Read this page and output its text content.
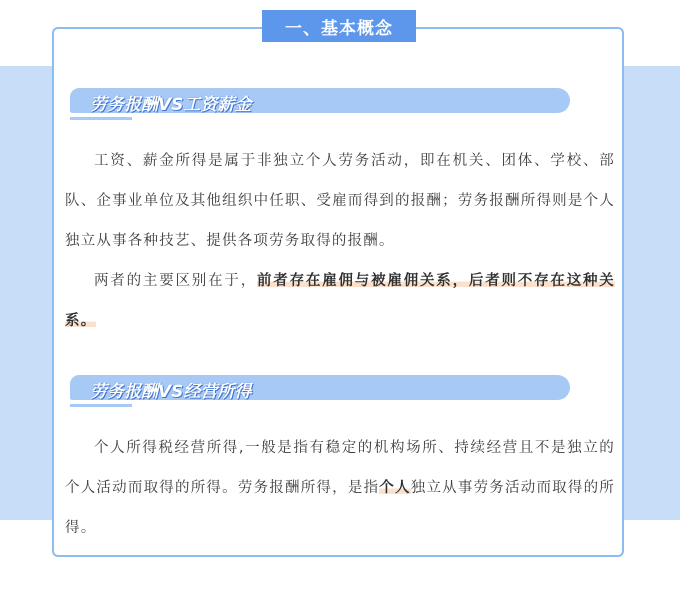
一、基本概念
劳务报酬VS工资薪金

工资、薪金所得是属于非独立个人劳务活动，即在机关、团体、学校、部队、企事业单位及其他组织中任职、受雇而得到的报酬；劳务报酬所得则是个人独立从事各种技艺、提供各项劳务取得的报酬。

两者的主要区别在于，前者存在雇佣与被雇佣关系，后者则不存在这种关系。

劳务报酬VS经营所得

个人所得税经营所得,一般是指有稳定的机构场所、持续经营且不是独立的个人活动而取得的所得。劳务报酬所得，是指个人独立从事劳务活动而取得的所得。
